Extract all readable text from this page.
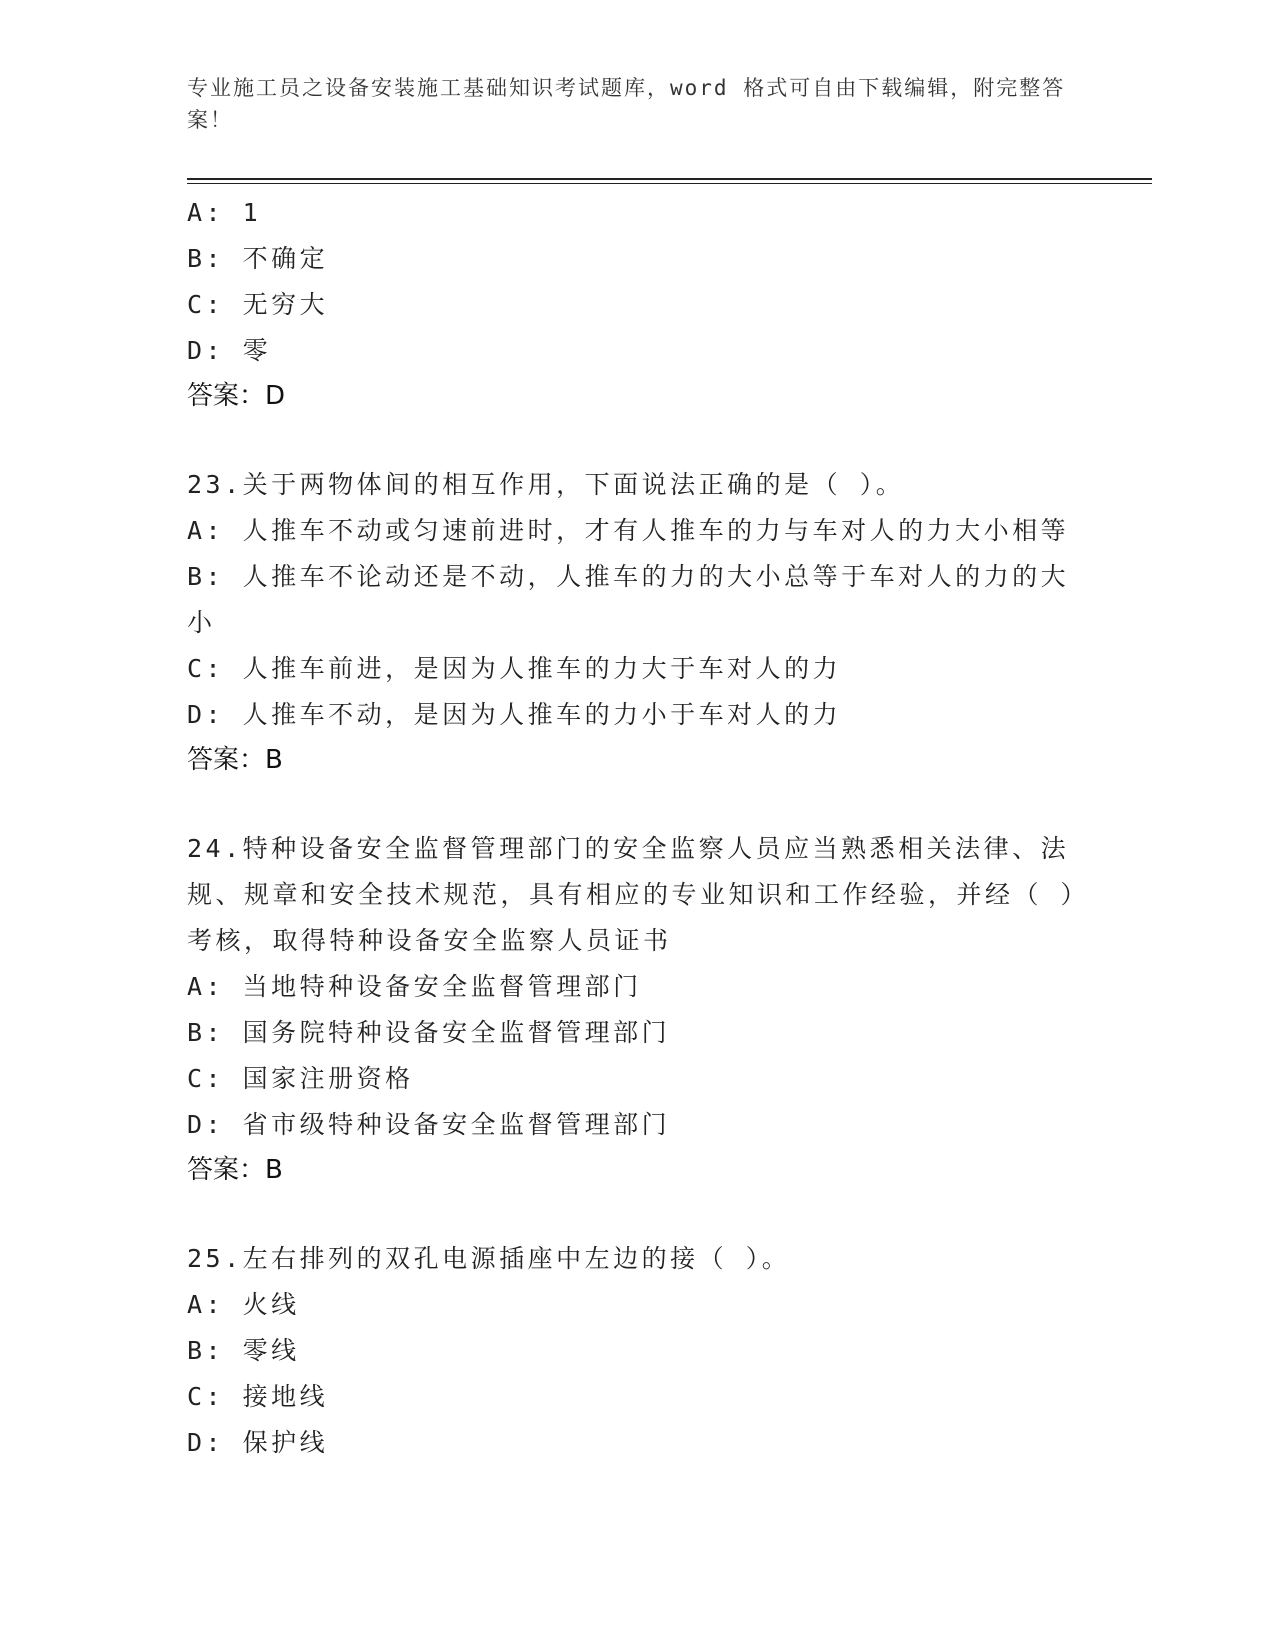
专业施工员之设备安装施工基础知识考试题库，word 格式可自由下载编辑，附完整答案！
A: 1
B: 不确定
C: 无穷大
D: 零
答案：D
23.关于两物体间的相互作用，下面说法正确的是（ ）。
A: 人推车不动或匀速前进时，才有人推车的力与车对人的力大小相等
B: 人推车不论动还是不动，人推车的力的大小总等于车对人的力的大小
C: 人推车前进，是因为人推车的力大于车对人的力
D: 人推车不动，是因为人推车的力小于车对人的力
答案：B
24.特种设备安全监督管理部门的安全监察人员应当熟悉相关法律、法规、规章和安全技术规范，具有相应的专业知识和工作经验，并经（ ）考核，取得特种设备安全监察人员证书
A: 当地特种设备安全监督管理部门
B: 国务院特种设备安全监督管理部门
C: 国家注册资格
D: 省市级特种设备安全监督管理部门
答案：B
25.左右排列的双孔电源插座中左边的接（ ）。
A: 火线
B: 零线
C: 接地线
D: 保护线
